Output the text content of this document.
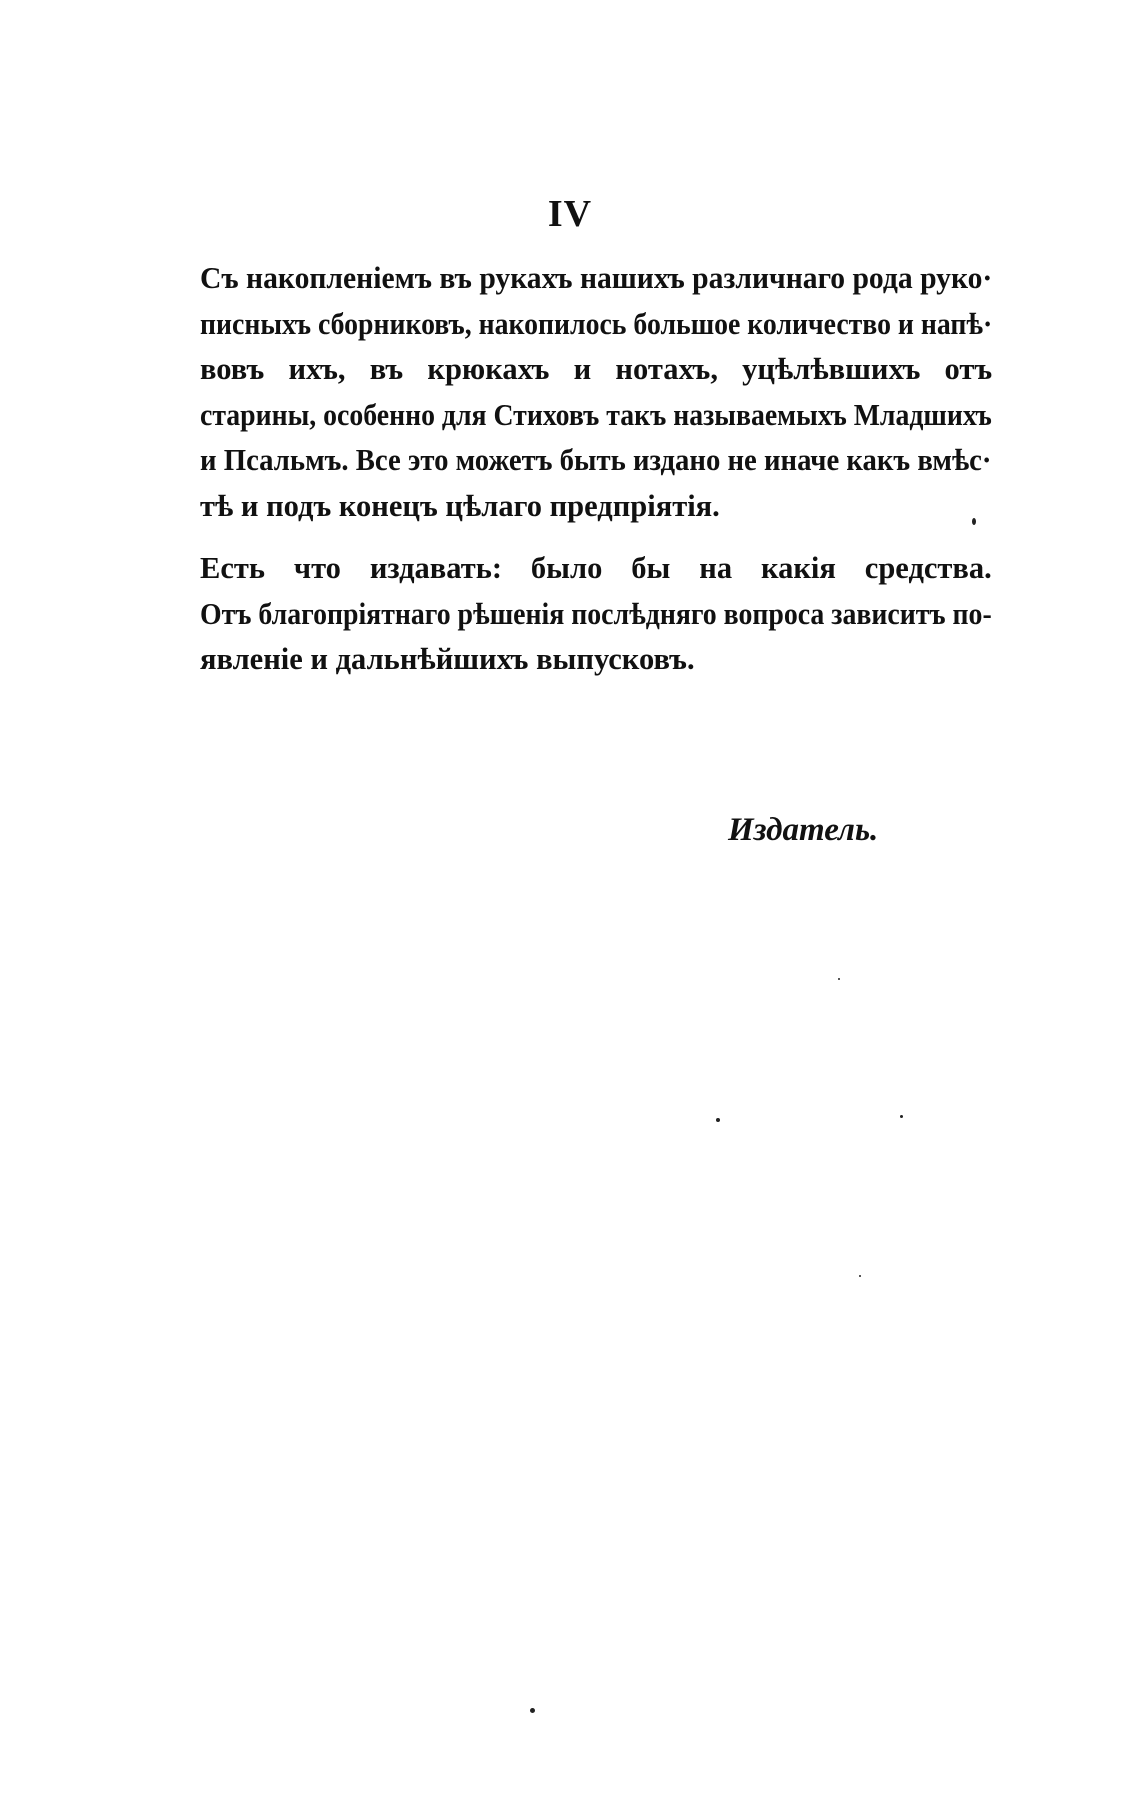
IV
Съ накопленіемъ въ рукахъ нашихъ различнаго рода руко·
писныхъ сборниковъ, накопилось большое количество и напѣ·
вовъ ихъ, въ крюкахъ и нотахъ, уцѣлѣвшихъ отъ
старины, особенно для Стиховъ такъ называемыхъ Младшихъ
и Псальмъ. Все это можетъ быть издано не иначе какъ вмѣс·
тѣ и подъ конецъ цѣлаго предпріятія.
Есть что издавать: было бы на какія средства.
Отъ благопріятнаго рѣшенія послѣдняго вопроса зависитъ по-
явленіе и дальнѣйшихъ выпусковъ.
Издатель.
